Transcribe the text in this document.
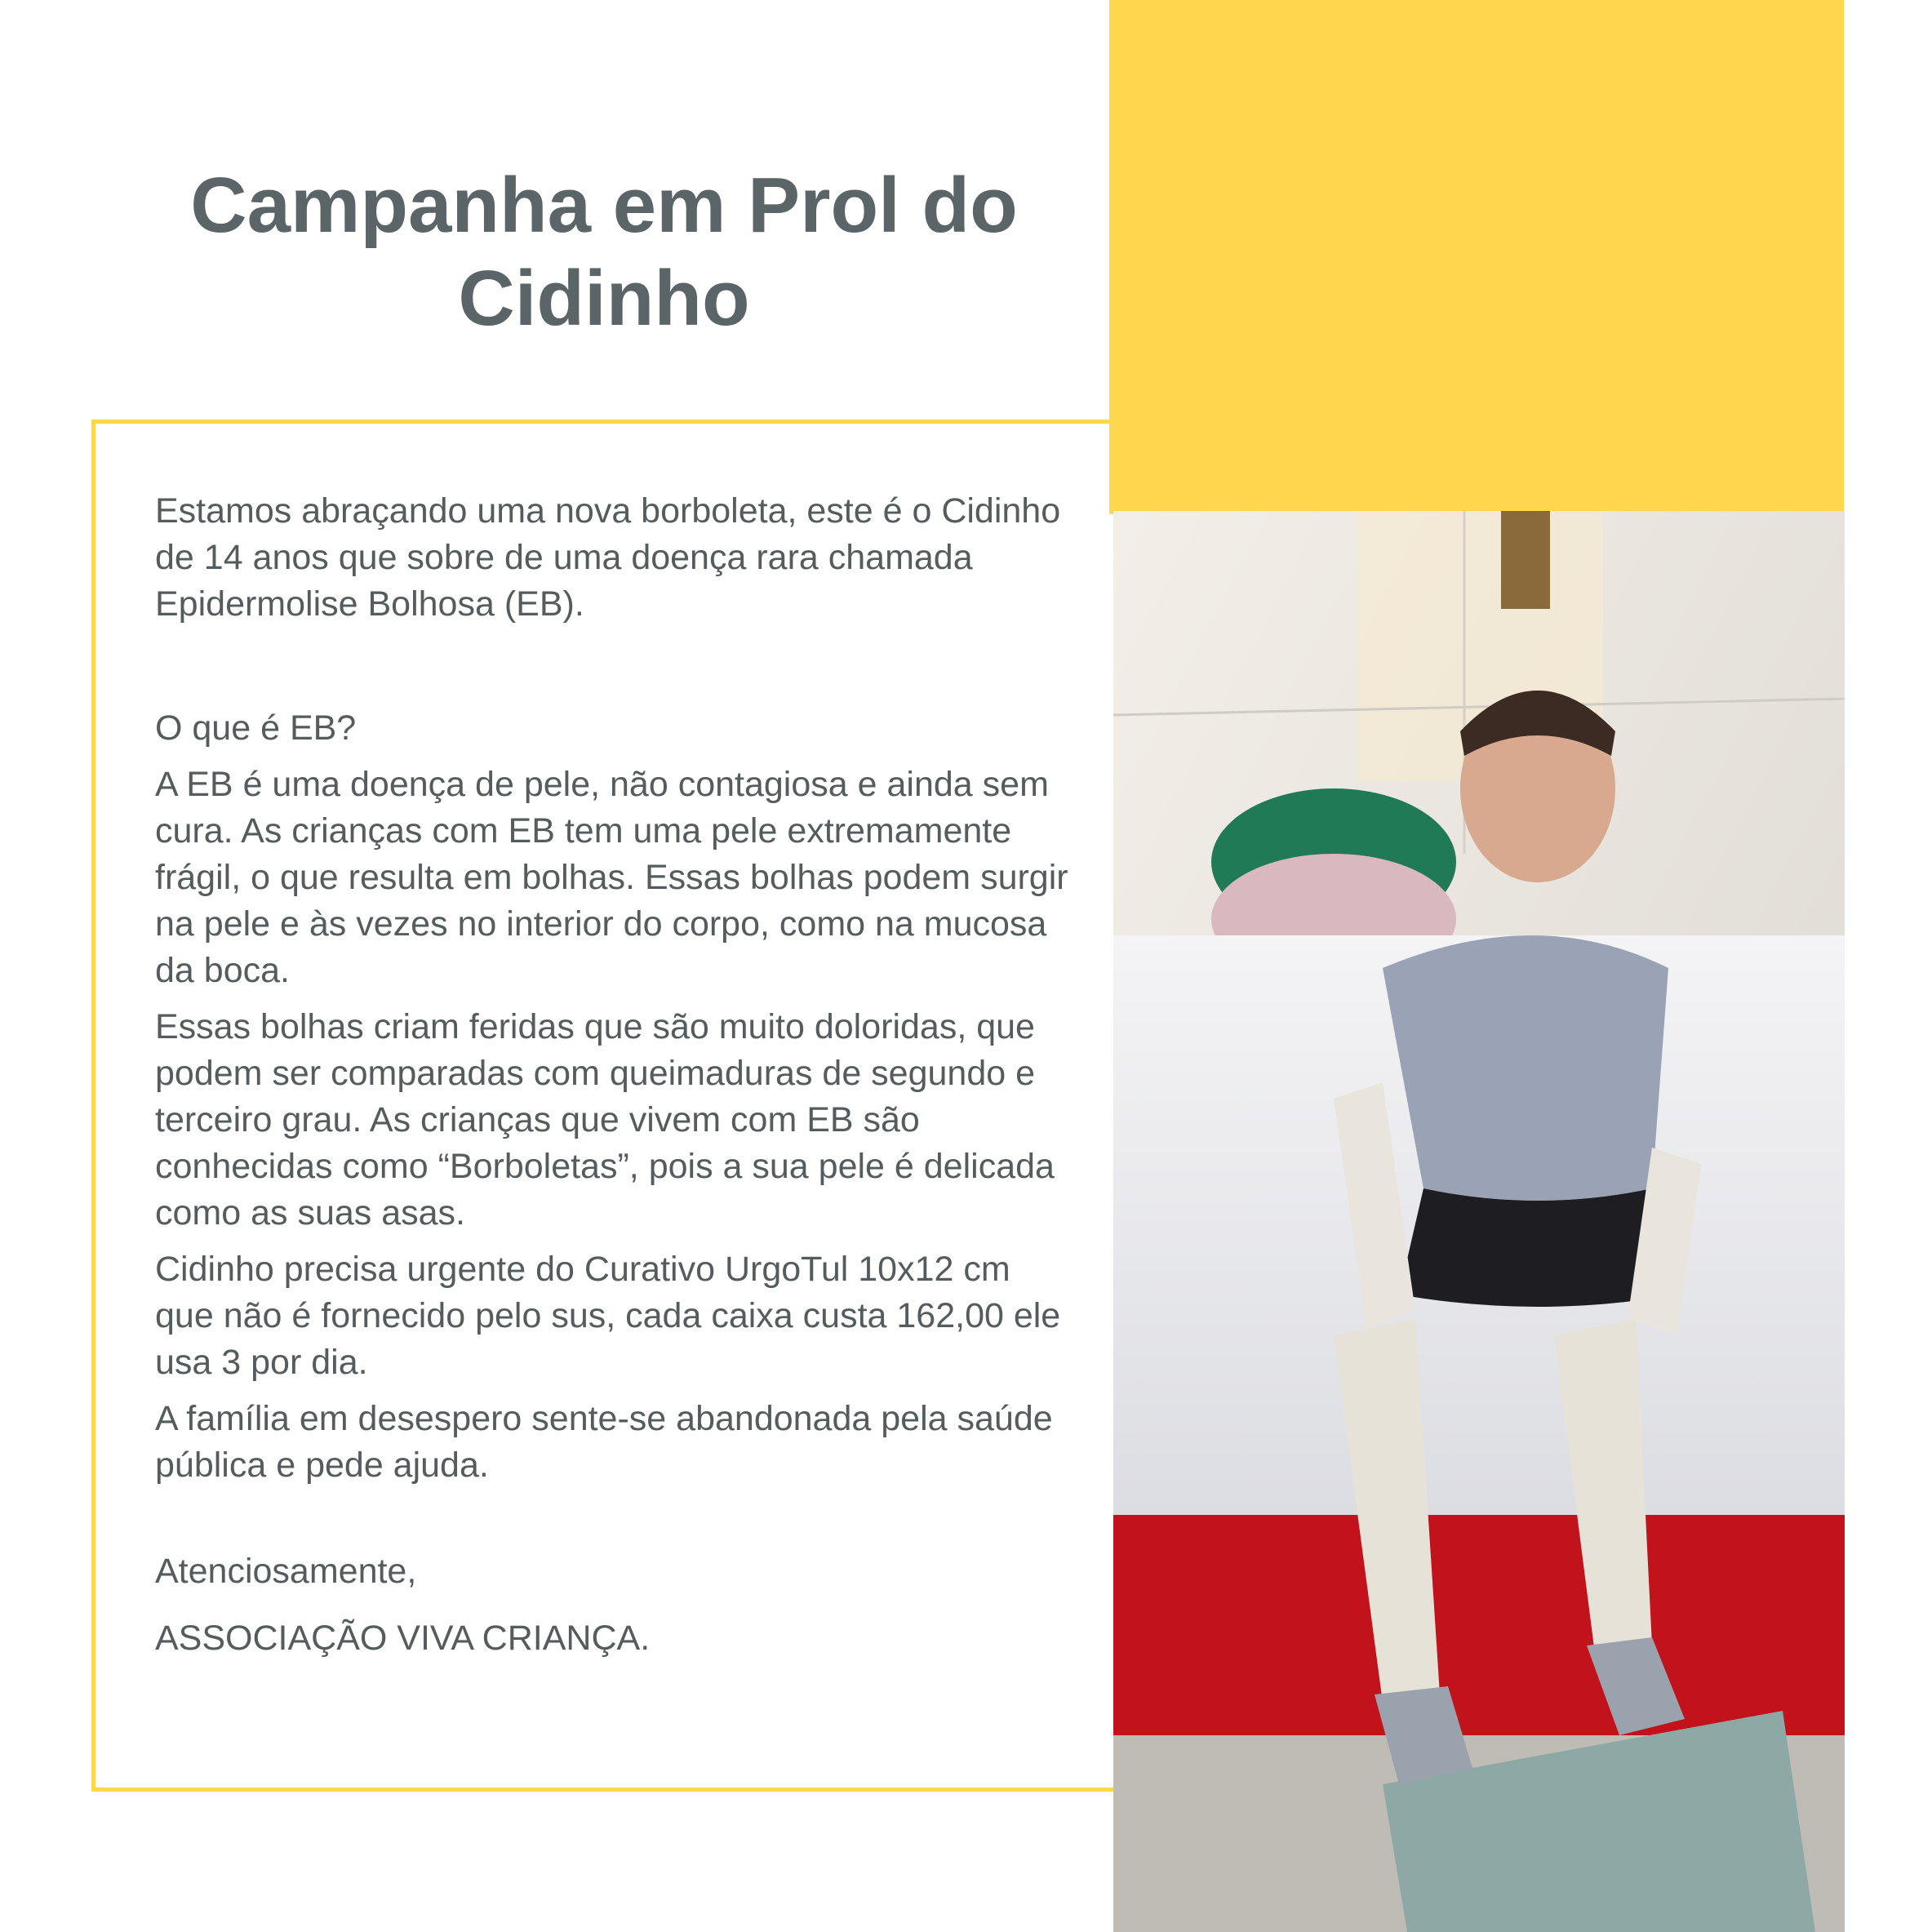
Campanha em Prol do Cidinho

Estamos abraçando uma nova borboleta, este é o Cidinho de 14 anos que sobre de uma doença rara chamada Epidermolise Bolhosa (EB).

O que é EB?

A EB é uma doença de pele, não contagiosa e ainda sem cura. As crianças com EB tem uma pele extremamente frágil, o que resulta em bolhas. Essas bolhas podem surgir na pele e às vezes no interior do corpo, como na mucosa da boca.

Essas bolhas criam feridas que são muito doloridas, que podem ser comparadas com queimaduras de segundo e terceiro grau. As crianças que vivem com EB são conhecidas como “Borboletas”, pois a sua pele é delicada como as suas asas.

Cidinho precisa urgente do Curativo UrgoTul 10x12 cm que não é fornecido pelo sus, cada caixa custa 162,00 ele usa 3 por dia.

A família em desespero sente-se abandonada pela saúde pública e pede ajuda.

Atenciosamente,

ASSOCIAÇÃO VIVA CRIANÇA.
